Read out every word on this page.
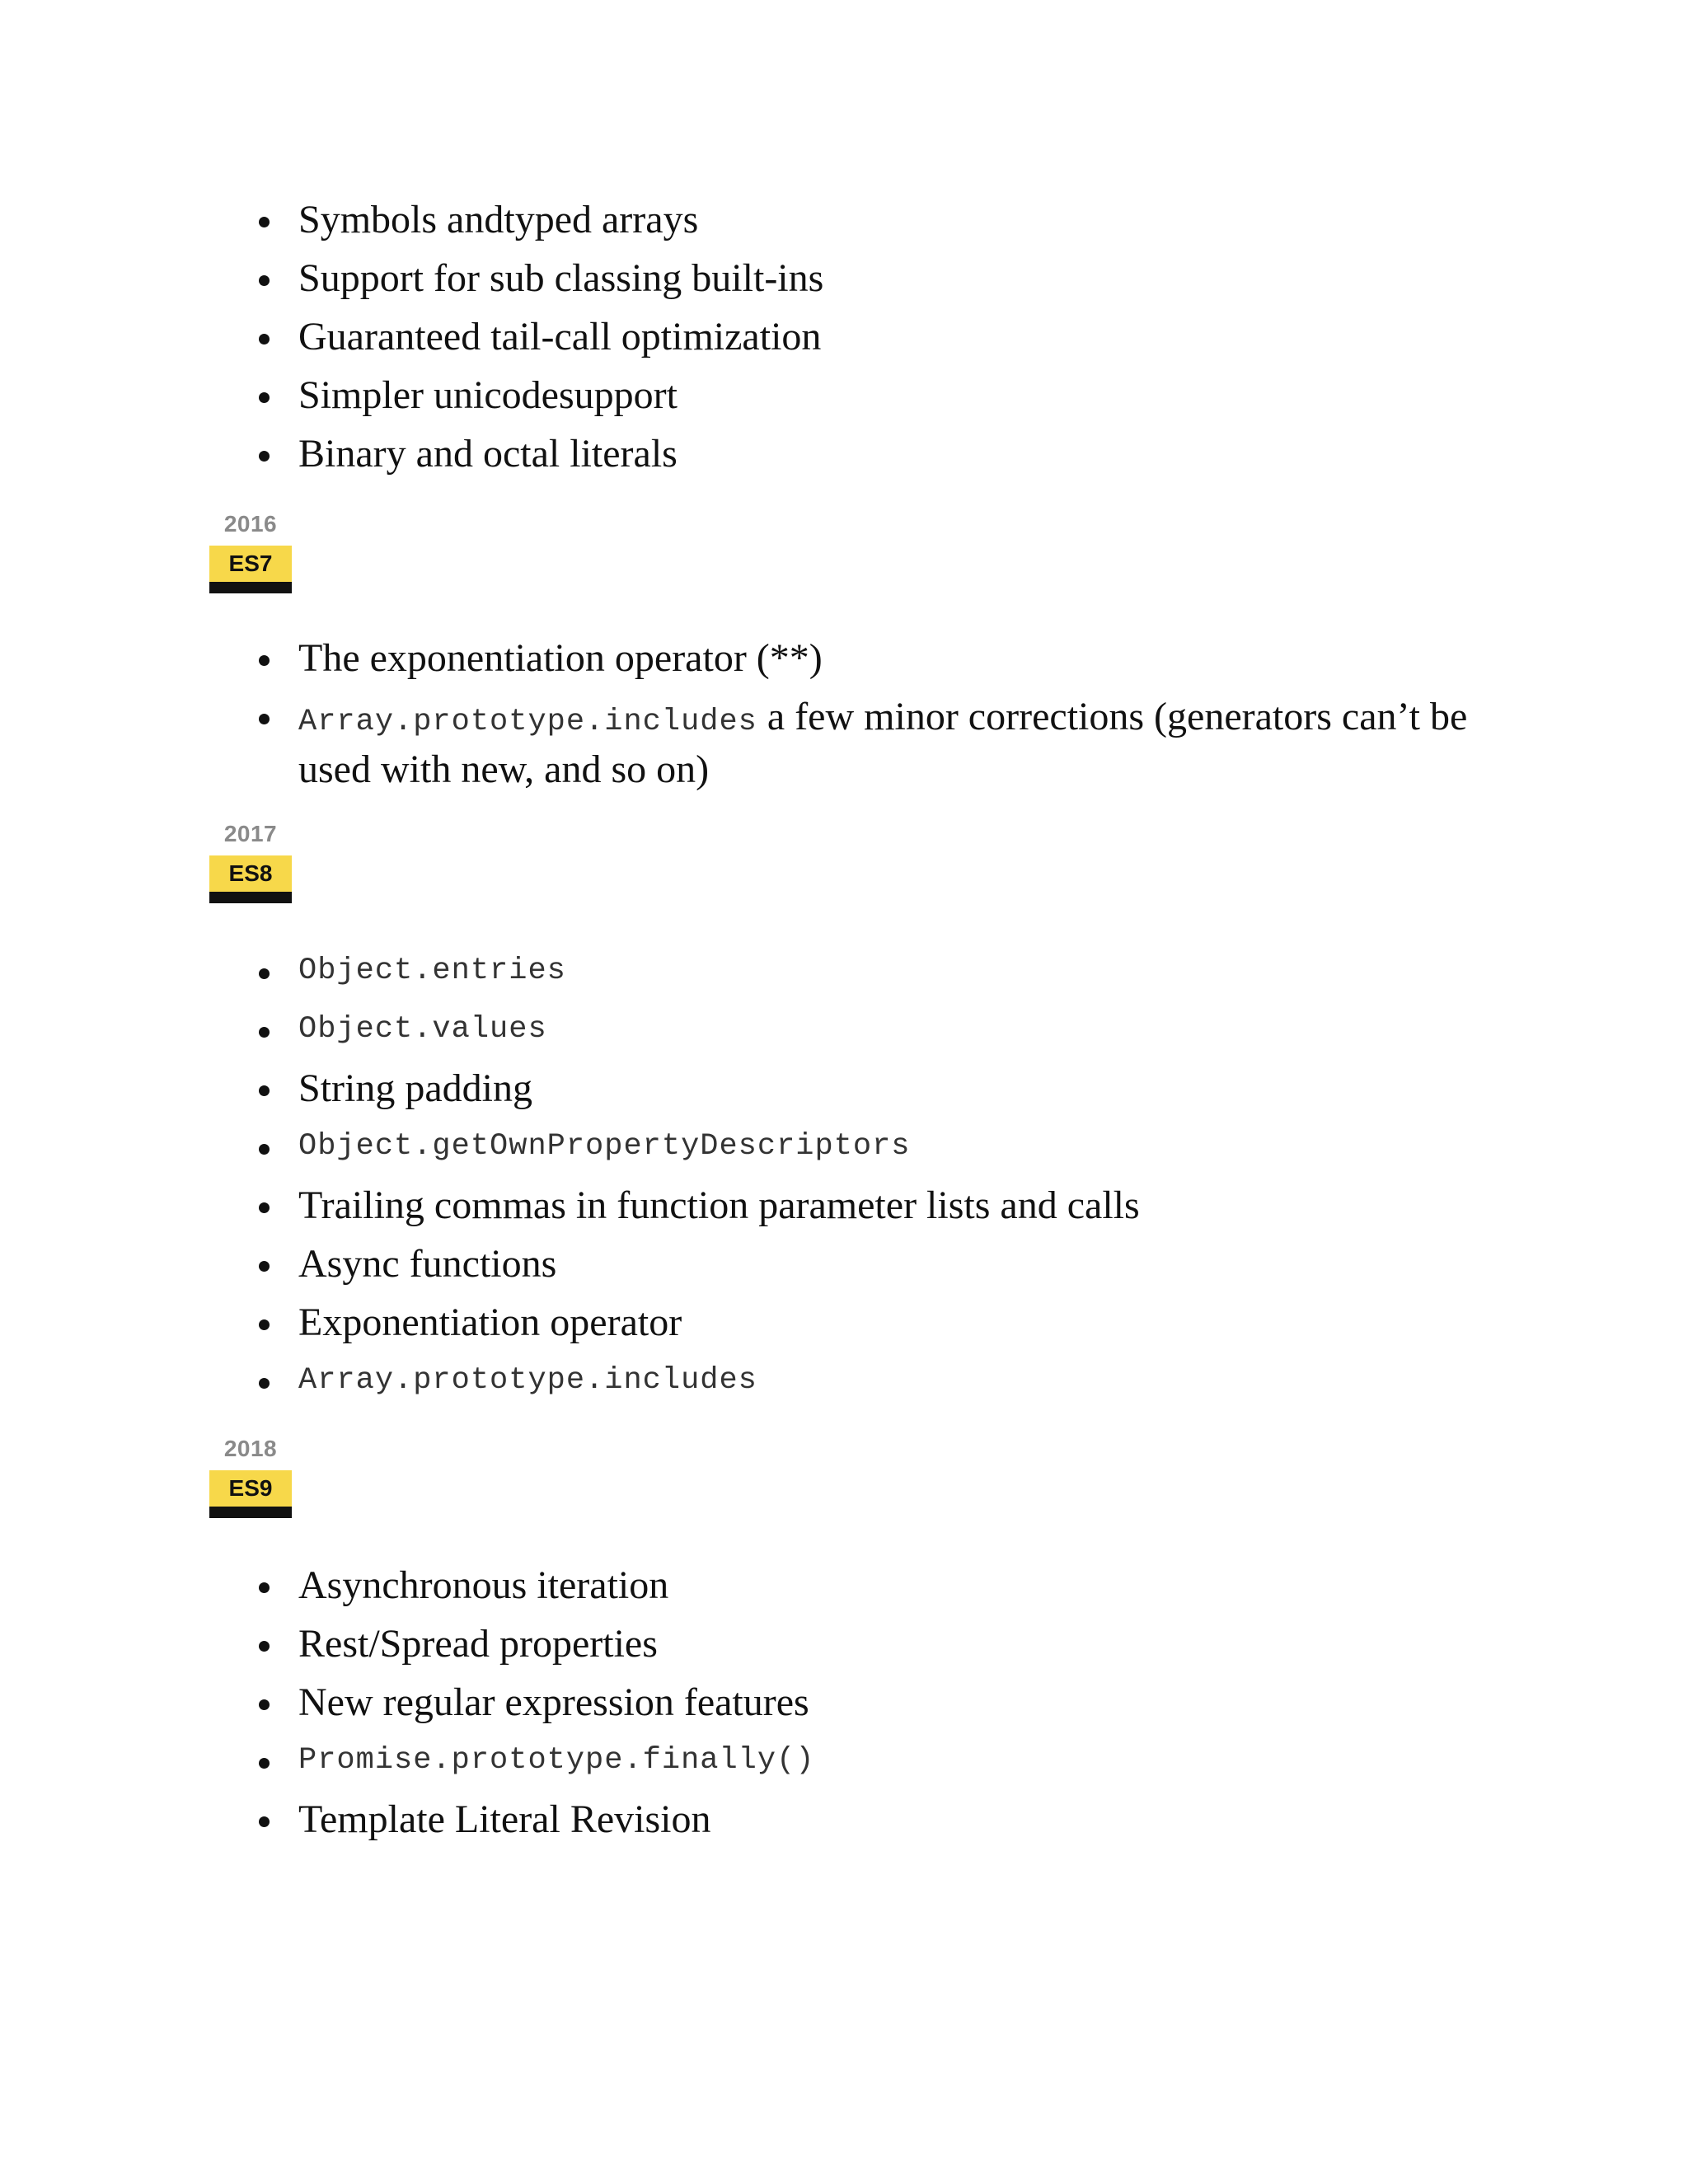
Symbols andtyped arrays
Support for sub classing built-ins
Guaranteed tail-call optimization
Simpler unicodesupport
Binary and octal literals
2016
ES7
The exponentiation operator (**)
Array.prototype.includes a few minor corrections (generators can’t be used with new, and so on)
2017
ES8
Object.entries
Object.values
String padding
Object.getOwnPropertyDescriptors
Trailing commas in function parameter lists and calls
Async functions
Exponentiation operator
Array.prototype.includes
2018
ES9
Asynchronous iteration
Rest/Spread properties
New regular expression features
Promise.prototype.finally()
Template Literal Revision
